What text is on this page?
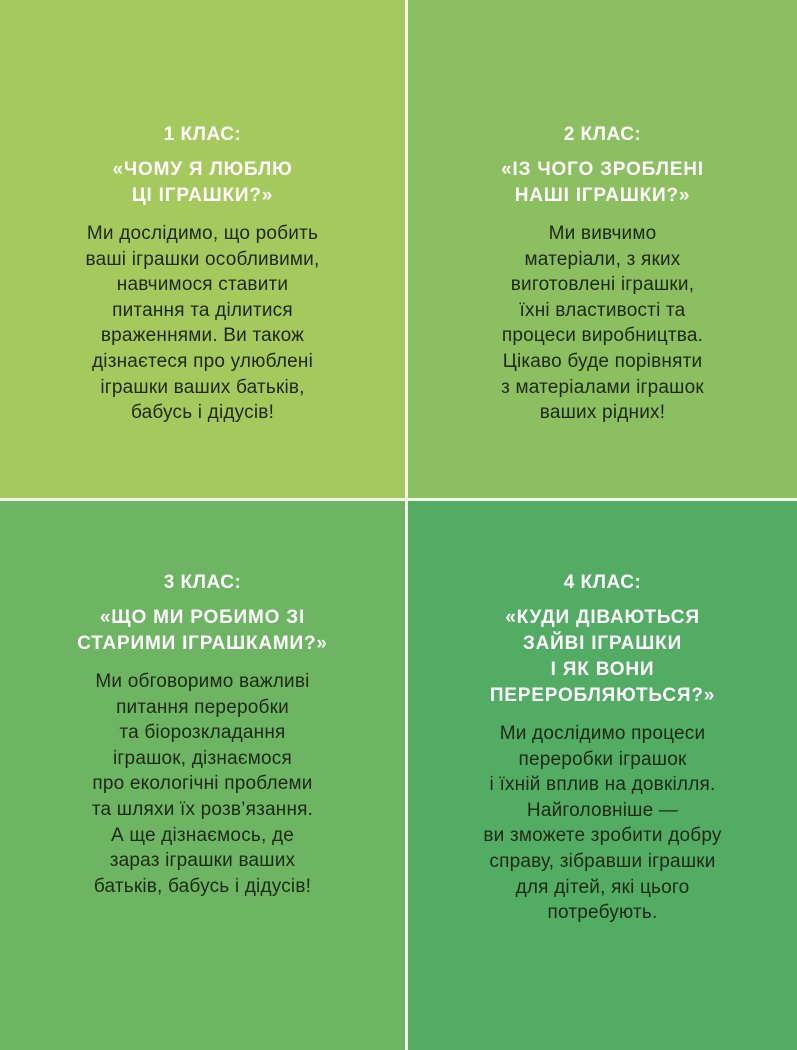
1 КЛАС:
«ЧОМУ Я ЛЮБЛЮ
ЦІ ІГРАШКИ?»

Ми дослідимо, що робить
ваші іграшки особливими,
навчимося ставити
питання та ділитися
враженнями. Ви також
дізнаєтеся про улюблені
іграшки ваших батьків,
бабусь і дідусів!

2 КЛАС:
«ІЗ ЧОГО ЗРОБЛЕНІ
НАШІ ІГРАШКИ?»

Ми вивчимо
матеріали, з яких
виготовлені іграшки,
їхні властивості та
процеси виробництва.
Цікаво буде порівняти
з матеріалами іграшок
ваших рідних!

3 КЛАС:
«ЩО МИ РОБИМО ЗІ
СТАРИМИ ІГРАШКАМИ?»

Ми обговоримо важливі
питання переробки
та біорозкладання
іграшок, дізнаємося
про екологічні проблеми
та шляхи їх розв’язання.
А ще дізнаємось, де
зараз іграшки ваших
батьків, бабусь і дідусів!

4 КЛАС:
«КУДИ ДІВАЮТЬСЯ
ЗАЙВІ ІГРАШКИ
І ЯК ВОНИ
ПЕРЕРОБЛЯЮТЬСЯ?»

Ми дослідимо процеси
переробки іграшок
і їхній вплив на довкілля.
Найголовніше —
ви зможете зробити добру
справу, зібравши іграшки
для дітей, які цього
потребують.
